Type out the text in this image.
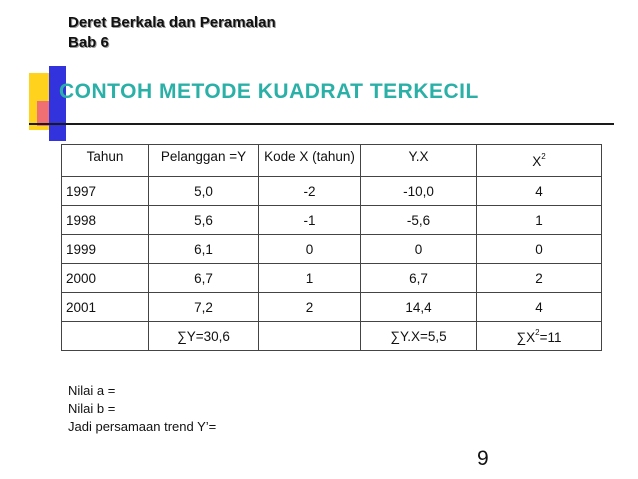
Deret Berkala dan Peramalan
Bab 6
CONTOH METODE KUADRAT TERKECIL
Tahun	Pelanggan =Y	Kode X (tahun)	Y.X	$X^2$
1997	5,0	-2	-10,0	4
1998	5,6	-1	-5,6	1
1999	6,1	0	0	0
2000	6,7	1	6,7	2
2001	7,2	2	14,4	4
	∑Y=30,6		∑Y.X=5,5	$\sum X^2=11$
Nilai a =
Nilai b =
Jadi persamaan trend Y’=
9
